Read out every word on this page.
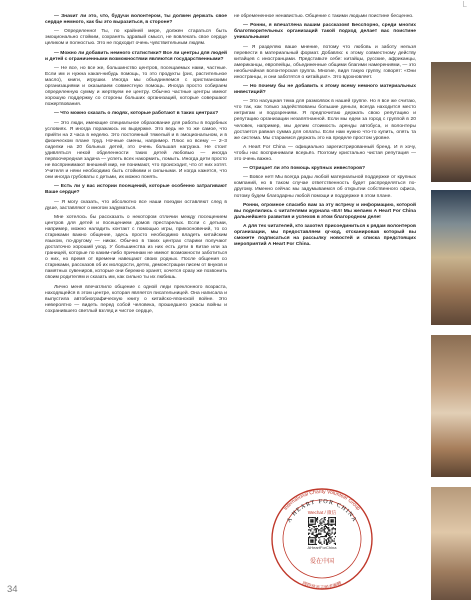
L

— Значит ли это, что, будучи волонтером, ты должен держать свое сердце немного, как бы это выразиться, в стороне?

— Определенно! Ты, по крайней мере, должен стараться быть эмоционально стойким, сохранять здравый смысл, не вовлекать свое сердце целиком и полностью. Это не подходит очень чувствительным людям.

— Можно ли добавить немного статистики? Все ли центры для людей и детей с ограниченными возможностями являются государственными?

— Не все, но все же, большинство центров, посещаемых нами, частные. Если им и нужна какая-нибудь помощь, то это продукты (рис, растительное масло), книги, игрушки. Иногда мы объединяемся с христианскими организациями и оказываем совместную помощь. Иногда просто собираем определенную сумму и жертвуем ее центру. Обычно частные центры имеют хорошую поддержку со стороны больших организаций, которые совершают пожертвования.

— Что можно сказать о людях, которые работают в таких центрах?

— Это люди, имеющие специальное образование для работы в подобных условиях. Я иногда поражаюсь их выдержке. Это ведь не то же самое, что прийти на 2 часа в неделю. Это постоянный тяжелый и в эмоциональном, и в физическом плане труд. Ночные смены, например. Плюс ко всему — 2–3 сиделки на 20 больных детей, это очень большая нагрузка. Не стоит удивляться некой обделенности таких детей любовью — иногда первоочередная задача — успеть всех накормить, помыть. Иногда дети просто не воспринимают внешний мир, не понимают, что происходит, что от них хотят. Учителя и няни необходимо быть стойкими и сильными. И когда кажется, что они иногда грубоваты с детьми, их можно понять.

— Есть ли у вас истории посещений, которые особенно затрагивают Ваше сердце?

— Я могу сказать, что абсолютно все наши поездки оставляют след в душе, заставляют о многом задуматься.

Мне хотелось бы рассказать о некотором отличии между посещением центров для детей и посещением домов престарелых. Если с детьми, например, можно наладить контакт с помощью игры, прикосновений, то со стариками важно общение, здесь просто необходимо владеть китайским языком, по-другому — никак. Обычно в таких центрах старики получают достаточно хороший уход. У большинства из них есть дети в Китае или за границей, которые по каким-либо причинам не имеют возможности заботиться о них, но время от времени навещают своих родных. После общения со стариками, рассказов об их молодости, детях, демонстрации писем от внуков и памятных сувениров, которые они бережно хранят, хочется сразу же позвонить своим родителям и сказать им, как сильно ты их любишь.

Лично меня впечатлило общение с одной леди преклонного возраста, находящейся в этом центре, которая является писательницей. Она написала и выпустила автобиографическую книгу о китайско-японской войне. Это невероятно — видеть перед собой человека, прошедшего ужасы войны и сохранившего светлый взгляд и чистое сердце,

не обремененное ненавистью. Общение с такими людьми поистине бесценно.

— Ронни, я впечатлена вашим рассказом! Бесспорно, среди многих благотворительных организаций такой подход делает вас поистине уникальными!

— Я разделяю ваше мнение, потому что любовь и заботу нельзя перевести в материальный формат. Добавлю: к этому совместному действу китайцев с иностранцами. Представьте себе: китайцы, русские, африканцы, американцы, европейцы, объединенные общими благими намерениями, — это необычайная волонтерская группа. Многие, видя такую группу, говорят: «Они иностранцы, и они заботятся о китайцах!». Это вдохновляет.

— Но почему бы не добавить к этому всему немного материальных инвестиций?

— Это насущная тема для размолвок в нашей группе. Но я все же считаю, что так, как только задействованы большие деньги, всегда находится место интригам и подозрениям. Я предпочитаю держать свою репутацию и репутацию организации незапятнанной. Если мы едем за город с группой в 20 человек, например, мы делим стоимость аренды автобуса, и волонтеры достается равная сумма для оплаты. Если нам нужно что-то купить, опять та же система. Мы стараемся держать это на пределе простом уровне.

A Heart For China — официально зарегистрированный бренд. И я хочу, чтобы нас воспринимали всерьёз. Поэтому кристально чистая репутация — это очень важно.

— Отрицает ли это помощь крупных инвесторов?

— Вовсе нет! Мы всегда рады любой материальной поддержке от крупных компаний, но в таком случае ответственность будет распределяться по-другому. Именно сейчас мы задумываемся об открытии собственного офиса, потому будем благодарны любой помощи и поддержке в этом плане.

Ронни, огромное спасибо вам за эту встречу и информацию, которой вы поделились с читателями журнала «Ел! Мы желаем A Heart For China дальнейшего развития и успехов в этом благородном деле!

А для тех читателей, кто захотел присоединиться к рядам волонтеров организации, мы предоставляем qr-код, отсканировав который вы сможете подписаться на рассылку новостей и списка предстоящих мероприятий A Heart For China.

International Charity Volunteer Group
A HEART FOR CHINA
Wechat / 微信
AHeartForChina
爱在中国
國際慈善志願者團體
34
